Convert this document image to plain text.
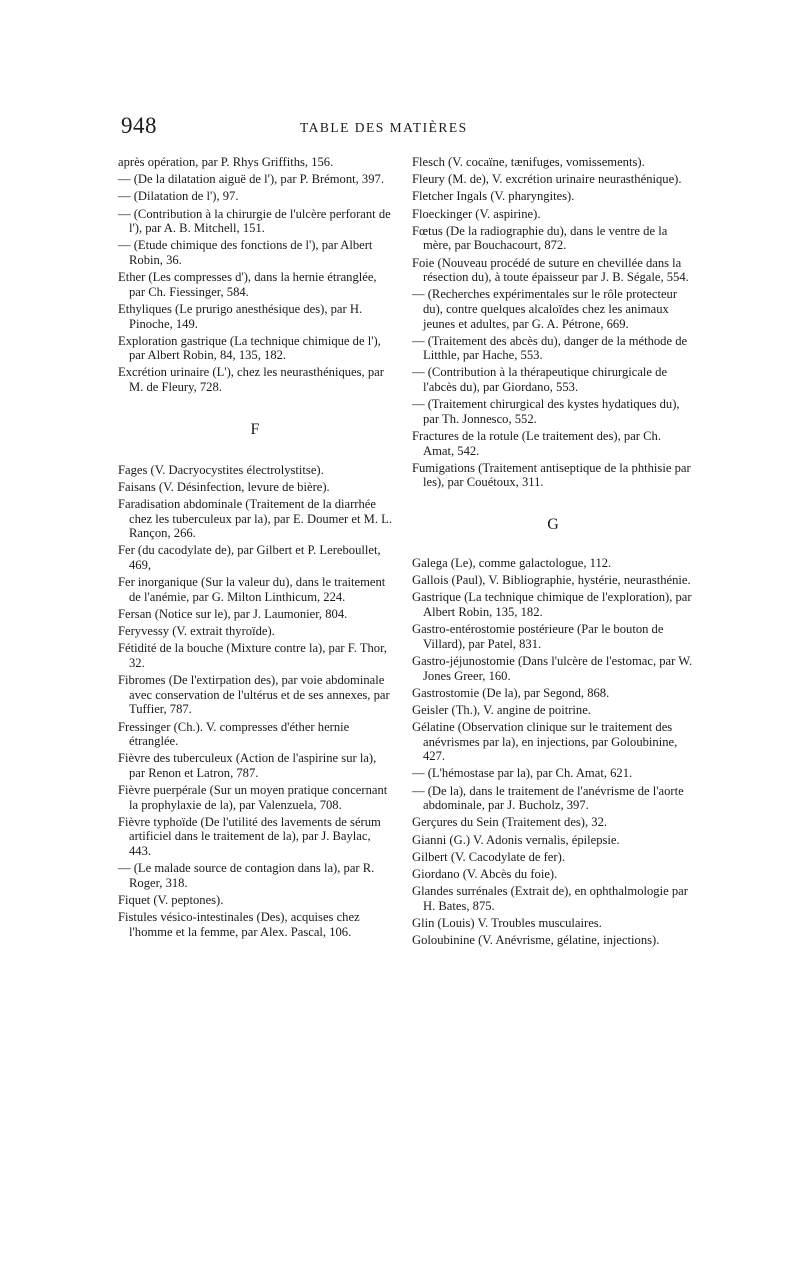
948	TABLE DES MATIÈRES

après opération, par P. Rhys Griffiths, 156.

— (De la dilatation aiguë de l'), par P. Brémont, 397.

— (Dilatation de l'), 97.

— (Contribution à la chirurgie de l'ulcère perforant de l'), par A. B. Mitchell, 151.

— (Etude chimique des fonctions de l'), par Albert Robin, 36.

Ether (Les compresses d'), dans la hernie étranglée, par Ch. Fiessinger, 584.

Ethyliques (Le prurigo anesthésique des), par H. Pinoche, 149.

Exploration gastrique (La technique chimique de l'), par Albert Robin, 84, 135, 182.

Excrétion urinaire (L'), chez les neurasthéniques, par M. de Fleury, 728.

F

Fages (V. Dacryocystites électrolystitse).

Faisans (V. Désinfection, levure de bière).

Faradisation abdominale (Traitement de la diarrhée chez les tuberculeux par la), par E. Doumer et M. L. Rançon, 266.

Fer (du cacodylate de), par Gilbert et P. Lereboullet, 469,

Fer inorganique (Sur la valeur du), dans le traitement de l'anémie, par G. Milton Linthicum, 224.

Fersan (Notice sur le), par J. Laumonier, 804.

Feryvessy (V. extrait thyroïde).

Fétidité de la bouche (Mixture contre la), par F. Thor, 32.

Fibromes (De l'extirpation des), par voie abdominale avec conservation de l'ultérus et de ses annexes, par Tuffier, 787.

Fressinger (Ch.). V. compresses d'éther hernie étranglée.

Fièvre des tuberculeux (Action de l'aspirine sur la), par Renon et Latron, 787.

Fièvre puerpérale (Sur un moyen pratique concernant la prophylaxie de la), par Valenzuela, 708.

Fièvre typhoïde (De l'utilité des lavements de sérum artificiel dans le traitement de la), par J. Baylac, 443.

— (Le malade source de contagion dans la), par R. Roger, 318.

Fiquet (V. peptones).

Fistules vésico-intestinales (Des), acquises chez l'homme et la femme, par Alex. Pascal, 106.

Flesch (V. cocaïne, tænifuges, vomissements).

Fleury (M. de), V. excrétion urinaire neurasthénique).

Fletcher Ingals (V. pharyngites).

Floeckinger (V. aspirine).

Fœtus (De la radiographie du), dans le ventre de la mère, par Bouchacourt, 872.

Foie (Nouveau procédé de suture en chevillée dans la résection du), à toute épaisseur par J. B. Ségale, 554.

— (Recherches expérimentales sur le rôle protecteur du), contre quelques alcaloïdes chez les animaux jeunes et adultes, par G. A. Pétrone, 669.

— (Traitement des abcès du), danger de la méthode de Litthle, par Hache, 553.

— (Contribution à la thérapeutique chirurgicale de l'abcès du), par Giordano, 553.

— (Traitement chirurgical des kystes hydatiques du), par Th. Jonnesco, 552.

Fractures de la rotule (Le traitement des), par Ch. Amat, 542.

Fumigations (Traitement antiseptique de la phthisie par les), par Couétoux, 311.

G

Galega (Le), comme galactologue, 112.

Gallois (Paul), V. Bibliographie, hystérie, neurasthénie.

Gastrique (La technique chimique de l'exploration), par Albert Robin, 135, 182.

Gastro-entérostomie postérieure (Par le bouton de Villard), par Patel, 831.

Gastro-jéjunostomie (Dans l'ulcère de l'estomac, par W. Jones Greer, 160.

Gastrostomie (De la), par Segond, 868.

Geisler (Th.), V. angine de poitrine.

Gélatine (Observation clinique sur le traitement des anévrismes par la), en injections, par Goloubinine, 427.

— (L'hémostase par la), par Ch. Amat, 621.

— (De la), dans le traitement de l'anévrisme de l'aorte abdominale, par J. Bucholz, 397.

Gerçures du Sein (Traitement des), 32.

Gianni (G.) V. Adonis vernalis, épilepsie.

Gilbert (V. Cacodylate de fer).

Giordano (V. Abcès du foie).

Glandes surrénales (Extrait de), en ophthalmologie par H. Bates, 875.

Glin (Louis) V. Troubles musculaires.

Goloubinine (V. Anévrisme, gélatine, injections).
